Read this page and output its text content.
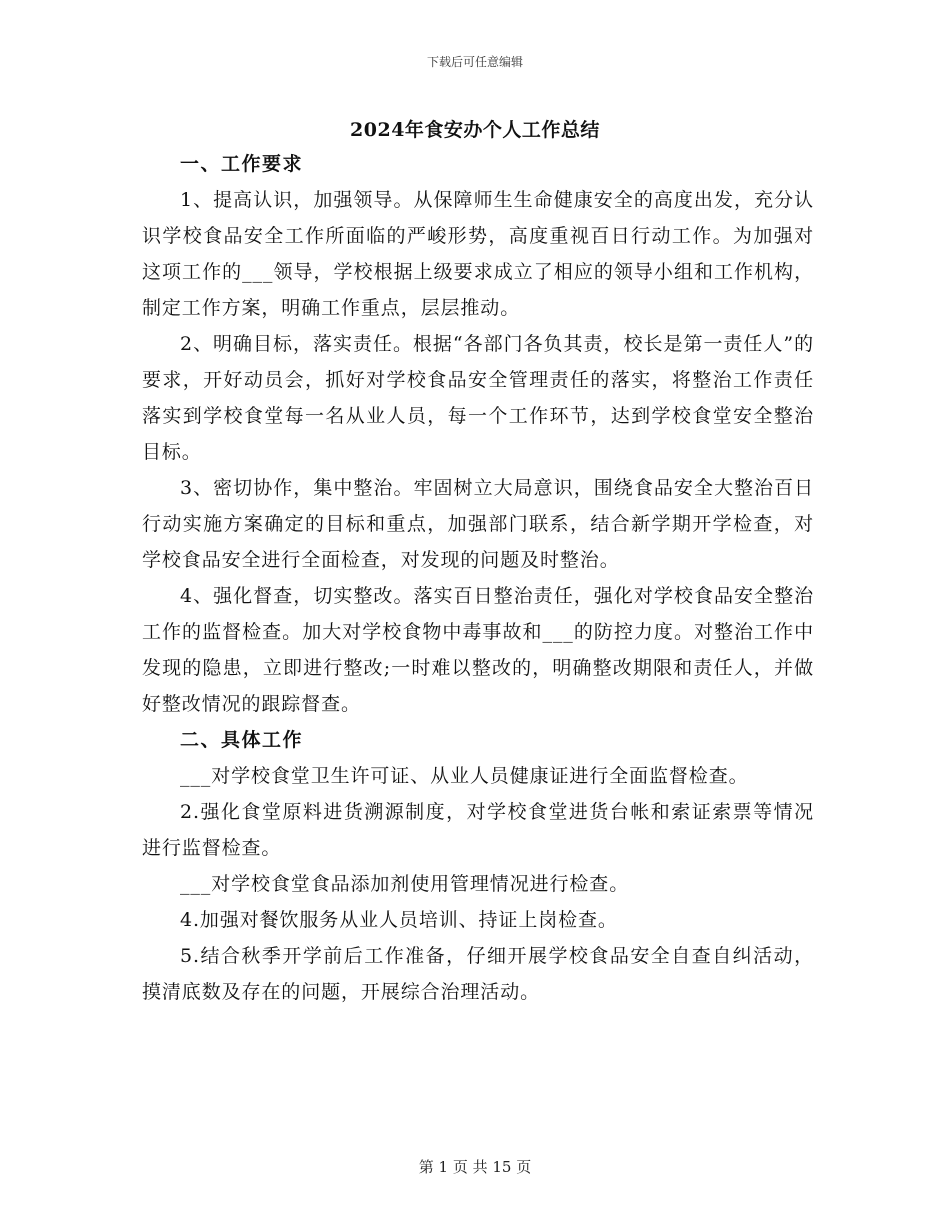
下载后可任意编辑
2024年食安办个人工作总结

一、工作要求

1、提高认识，加强领导。从保障师生生命健康安全的高度出发，充分认识学校食品安全工作所面临的严峻形势，高度重视百日行动工作。为加强对这项工作的___领导，学校根据上级要求成立了相应的领导小组和工作机构，制定工作方案，明确工作重点，层层推动。

2、明确目标，落实责任。根据“各部门各负其责，校长是第一责任人”的要求，开好动员会，抓好对学校食品安全管理责任的落实，将整治工作责任落实到学校食堂每一名从业人员，每一个工作环节，达到学校食堂安全整治目标。

3、密切协作，集中整治。牢固树立大局意识，围绕食品安全大整治百日行动实施方案确定的目标和重点，加强部门联系，结合新学期开学检查，对学校食品安全进行全面检查，对发现的问题及时整治。

4、强化督查，切实整改。落实百日整治责任，强化对学校食品安全整治工作的监督检查。加大对学校食物中毒事故和___的防控力度。对整治工作中发现的隐患，立即进行整改;一时难以整改的，明确整改期限和责任人，并做好整改情况的跟踪督查。

二、具体工作

___对学校食堂卫生许可证、从业人员健康证进行全面监督检查。

2.强化食堂原料进货溯源制度，对学校食堂进货台帐和索证索票等情况进行监督检查。

___对学校食堂食品添加剂使用管理情况进行检查。

4.加强对餐饮服务从业人员培训、持证上岗检查。

5.结合秋季开学前后工作准备，仔细开展学校食品安全自查自纠活动，摸清底数及存在的问题，开展综合治理活动。

第 1 页 共 15 页
